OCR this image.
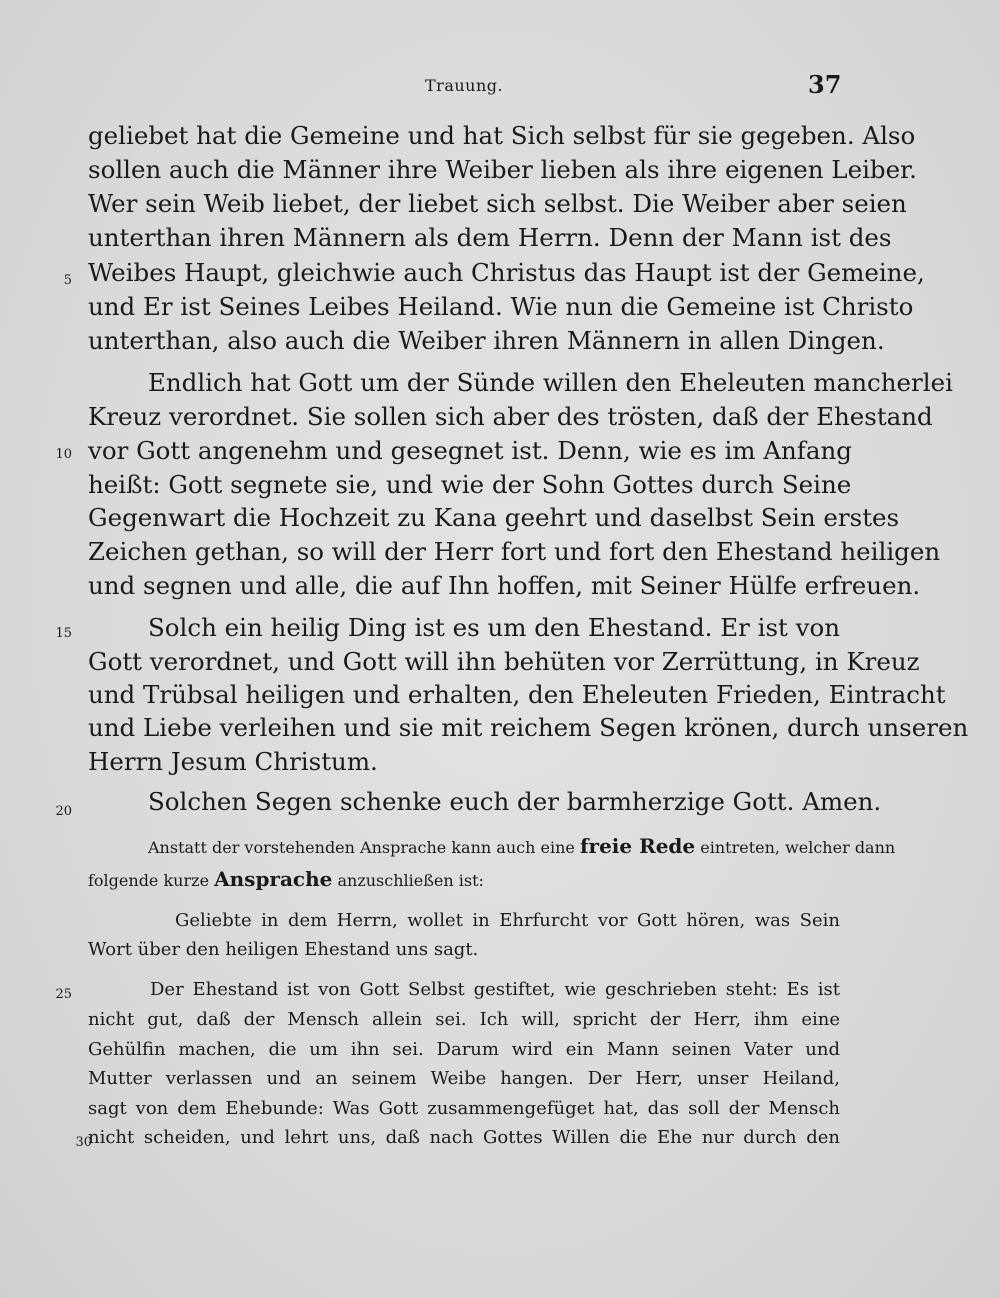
Trauung.	37
geliebet hat die Gemeine und hat Sich selbst für sie gegeben. Also
sollen auch die Männer ihre Weiber lieben als ihre eigenen Leiber.
Wer sein Weib liebet, der liebet sich selbst. Die Weiber aber seien
unterthan ihren Männern als dem Herrn. Denn der Mann ist des
Weibes Haupt, gleichwie auch Christus das Haupt ist der Gemeine,
und Er ist Seines Leibes Heiland. Wie nun die Gemeine ist Christo
unterthan, also auch die Weiber ihren Männern in allen Dingen.
Endlich hat Gott um der Sünde willen den Eheleuten mancherlei
Kreuz verordnet. Sie sollen sich aber des trösten, daß der Ehestand
vor Gott angenehm und gesegnet ist. Denn, wie es im Anfang
heißt: Gott segnete sie, und wie der Sohn Gottes durch Seine
Gegenwart die Hochzeit zu Kana geehrt und daselbst Sein erstes
Zeichen gethan, so will der Herr fort und fort den Ehestand heiligen
und segnen und alle, die auf Ihn hoffen, mit Seiner Hülfe erfreuen.
Solch ein heilig Ding ist es um den Ehestand. Er ist von
Gott verordnet, und Gott will ihn behüten vor Zerrüttung, in Kreuz
und Trübsal heiligen und erhalten, den Eheleuten Frieden, Eintracht
und Liebe verleihen und sie mit reichem Segen krönen, durch unseren
Herrn Jesum Christum.
Solchen Segen schenke euch der barmherzige Gott. Amen.
Anstatt der vorstehenden Ansprache kann auch eine freie Rede eintreten, welcher dann
folgende kurze Ansprache anzuschließen ist:
Geliebte in dem Herrn, wollet in Ehrfurcht vor Gott hören, was Sein
Wort über den heiligen Ehestand uns sagt.
Der Ehestand ist von Gott Selbst gestiftet, wie geschrieben steht: Es ist
nicht gut, daß der Mensch allein sei. Ich will, spricht der Herr, ihm eine
Gehülfin machen, die um ihn sei. Darum wird ein Mann seinen Vater und
Mutter verlassen und an seinem Weibe hangen. Der Herr, unser Heiland,
sagt von dem Ehebunde: Was Gott zusammengefüget hat, das soll der Mensch
nicht scheiden, und lehrt uns, daß nach Gottes Willen die Ehe nur durch den
5
10
15
20
25
30
